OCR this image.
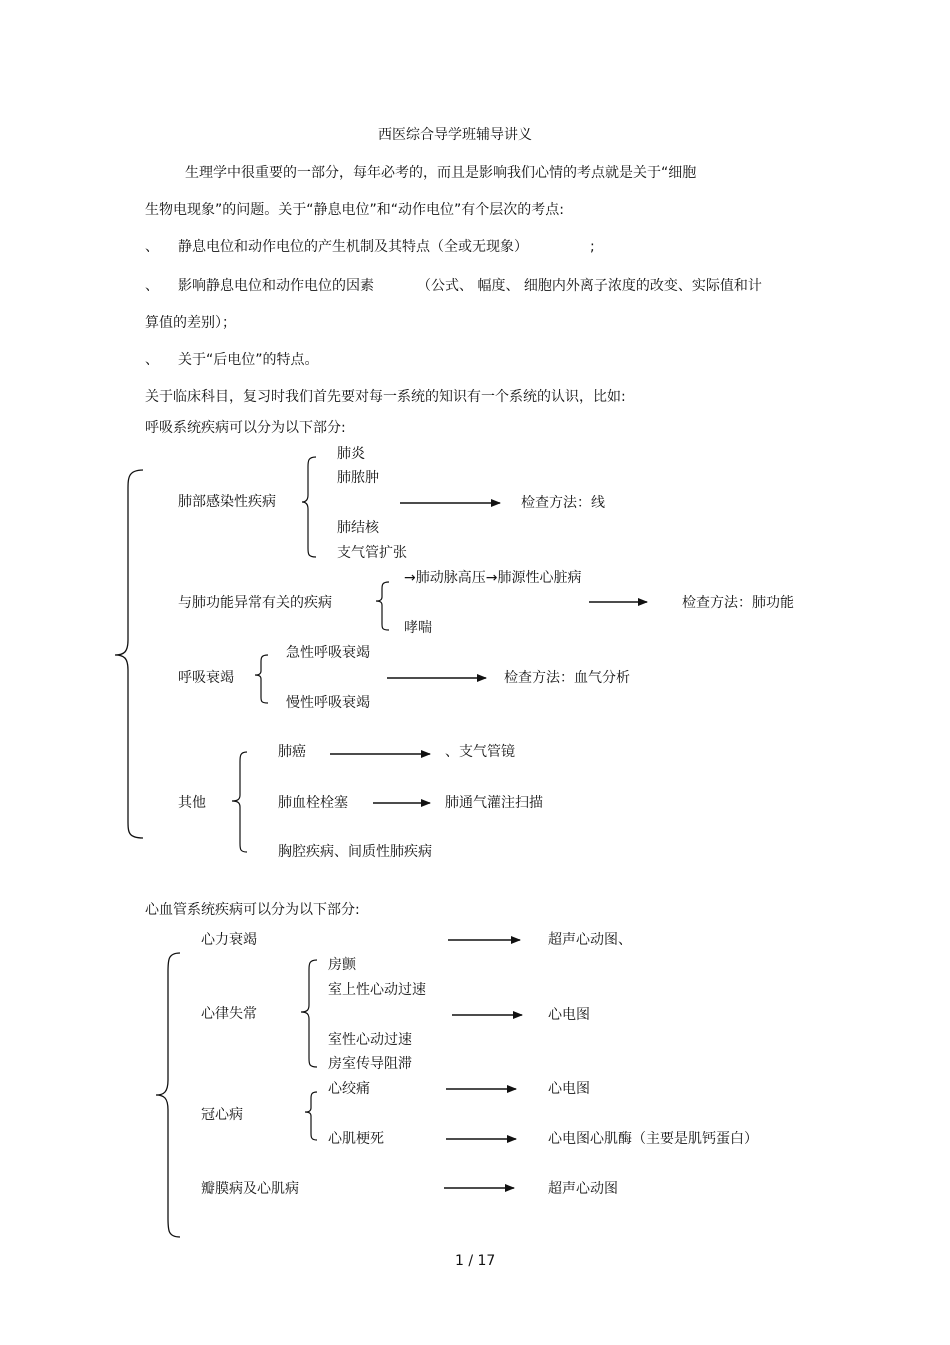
西医综合导学班辅导讲义
生理学中很重要的一部分，每年必考的，而且是影响我们心情的考点就是关于“细胞
生物电现象”的问题。关于“静息电位”和“动作电位”有个层次的考点:
、 静息电位和动作电位的产生机制及其特点（全或无现象）	;
、 影响静息电位和动作电位的因素	（公式、 幅度、 细胞内外离子浓度的改变、实际值和计
算值的差别）；
、 关于“后电位”的特点。
关于临床科目，复习时我们首先要对每一系统的知识有一个系统的认识，比如:
呼吸系统疾病可以分为以下部分:
肺部感染性疾病
肺炎
肺脓肿
肺结核
支气管扩张
检查方法：线
与肺功能异常有关的疾病
→肺动脉高压→肺源性心脏病
哮喘
检查方法：肺功能
呼吸衰竭
急性呼吸衰竭
慢性呼吸衰竭
检查方法：血气分析
其他
肺癌	、支气管镜
肺血栓栓塞	肺通气灌注扫描
胸腔疾病、间质性肺疾病
心血管系统疾病可以分为以下部分:
心力衰竭	超声心动图、
心律失常
房颤
室上性心动过速
室性心动过速
房室传导阻滞
心电图
冠心病
心绞痛	心电图
心肌梗死	心电图心肌酶（主要是肌钙蛋白）
瓣膜病及心肌病	超声心动图
1 / 17
